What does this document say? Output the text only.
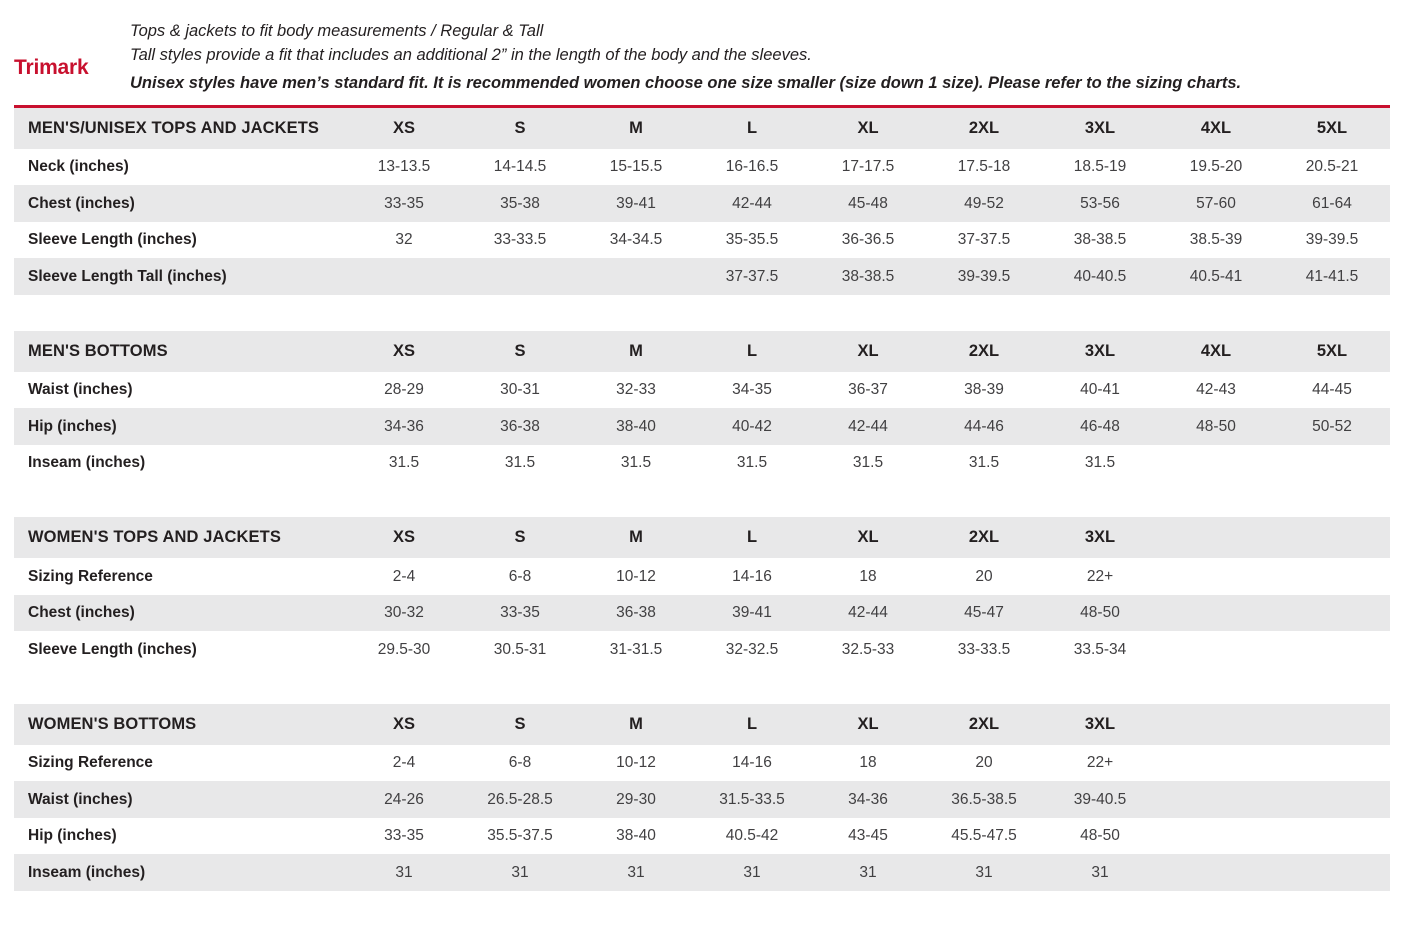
Trimark
Tops & jackets to fit body measurements / Regular & Tall
Tall styles provide a fit that includes an additional 2” in the length of the body and the sleeves.
Unisex styles have men’s standard fit. It is recommended women choose one size smaller (size down 1 size). Please refer to the sizing charts.
MEN'S/UNISEX TOPS AND JACKETS	XS	S	M	L	XL	2XL	3XL	4XL	5XL
Neck (inches)	13-13.5	14-14.5	15-15.5	16-16.5	17-17.5	17.5-18	18.5-19	19.5-20	20.5-21
Chest (inches)	33-35	35-38	39-41	42-44	45-48	49-52	53-56	57-60	61-64
Sleeve Length (inches)	32	33-33.5	34-34.5	35-35.5	36-36.5	37-37.5	38-38.5	38.5-39	39-39.5
Sleeve Length Tall (inches)				37-37.5	38-38.5	39-39.5	40-40.5	40.5-41	41-41.5
MEN'S BOTTOMS	XS	S	M	L	XL	2XL	3XL	4XL	5XL
Waist (inches)	28-29	30-31	32-33	34-35	36-37	38-39	40-41	42-43	44-45
Hip (inches)	34-36	36-38	38-40	40-42	42-44	44-46	46-48	48-50	50-52
Inseam (inches)	31.5	31.5	31.5	31.5	31.5	31.5	31.5		
WOMEN'S TOPS AND JACKETS	XS	S	M	L	XL	2XL	3XL		
Sizing Reference	2-4	6-8	10-12	14-16	18	20	22+		
Chest (inches)	30-32	33-35	36-38	39-41	42-44	45-47	48-50		
Sleeve Length (inches)	29.5-30	30.5-31	31-31.5	32-32.5	32.5-33	33-33.5	33.5-34		
WOMEN'S BOTTOMS	XS	S	M	L	XL	2XL	3XL		
Sizing Reference	2-4	6-8	10-12	14-16	18	20	22+		
Waist (inches)	24-26	26.5-28.5	29-30	31.5-33.5	34-36	36.5-38.5	39-40.5		
Hip (inches)	33-35	35.5-37.5	38-40	40.5-42	43-45	45.5-47.5	48-50		
Inseam (inches)	31	31	31	31	31	31	31		
